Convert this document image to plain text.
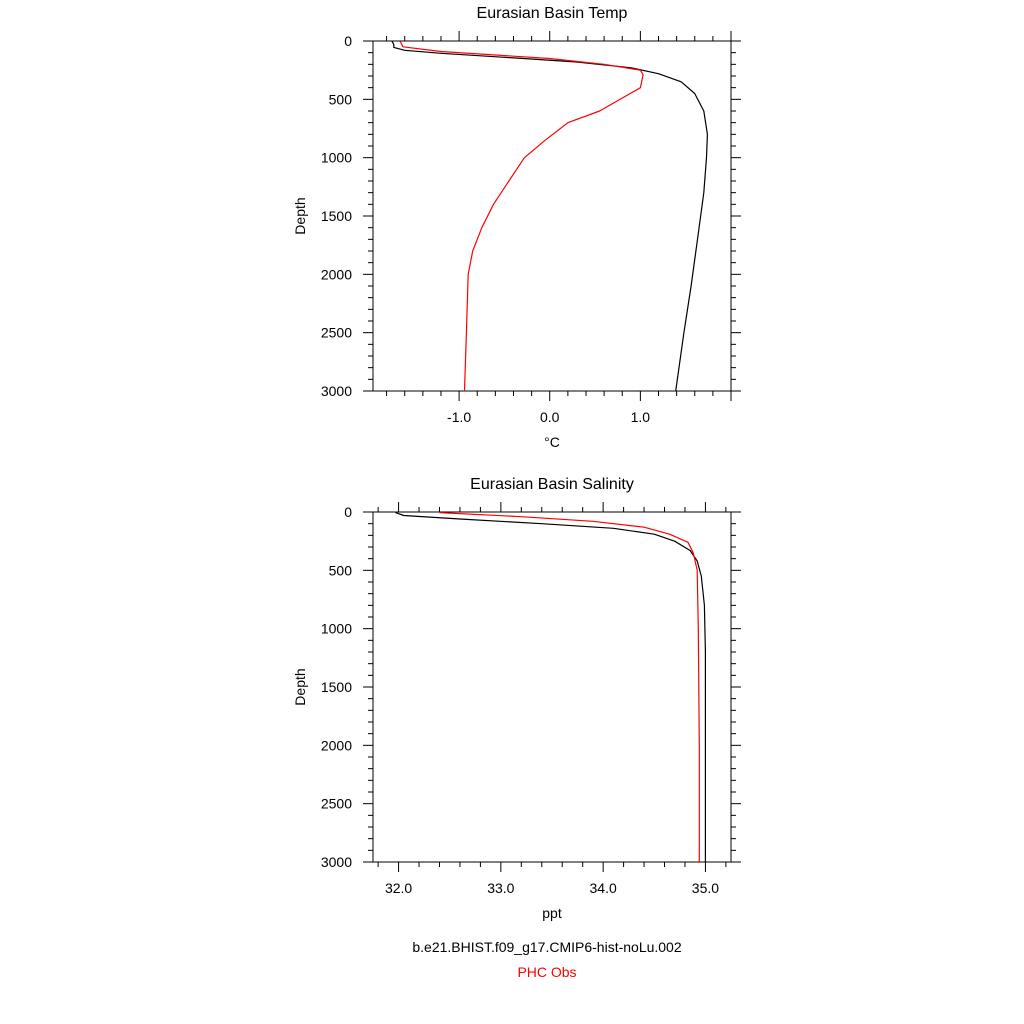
Eurasian Basin Temp
0
500
1000
1500
2000
2500
3000
-1.0	0.0	1.0
°C
Depth
Eurasian Basin Salinity
0
500
1000
1500
2000
2500
3000
32.0	33.0	34.0	35.0
ppt
Depth
b.e21.BHIST.f09_g17.CMIP6-hist-noLu.002
PHC Obs
